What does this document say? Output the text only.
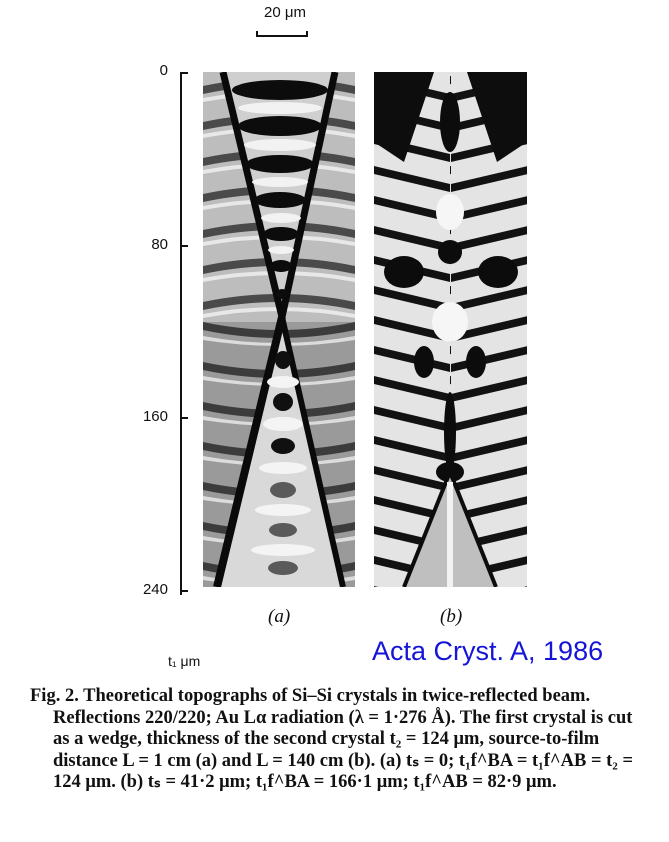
20 μm
0
80
160
240
t₁ μm
(a)	(b)
Acta Cryst. A, 1986

Fig. 2. Theoretical topographs of Si–Si crystals in twice-reflected beam. Reflections 220/220; Au Lα radiation (λ = 1·276 Å). The first crystal is cut as a wedge, thickness of the second crystal t₂ = 124 μm, source-to-film distance L = 1 cm (a) and L = 140 cm (b). (a) tₛ = 0; t₁f^BA = t₁f^AB = t₂ = 124 μm. (b) tₛ = 41·2 μm; t₁f^BA = 166·1 μm; t₁f^AB = 82·9 μm.
